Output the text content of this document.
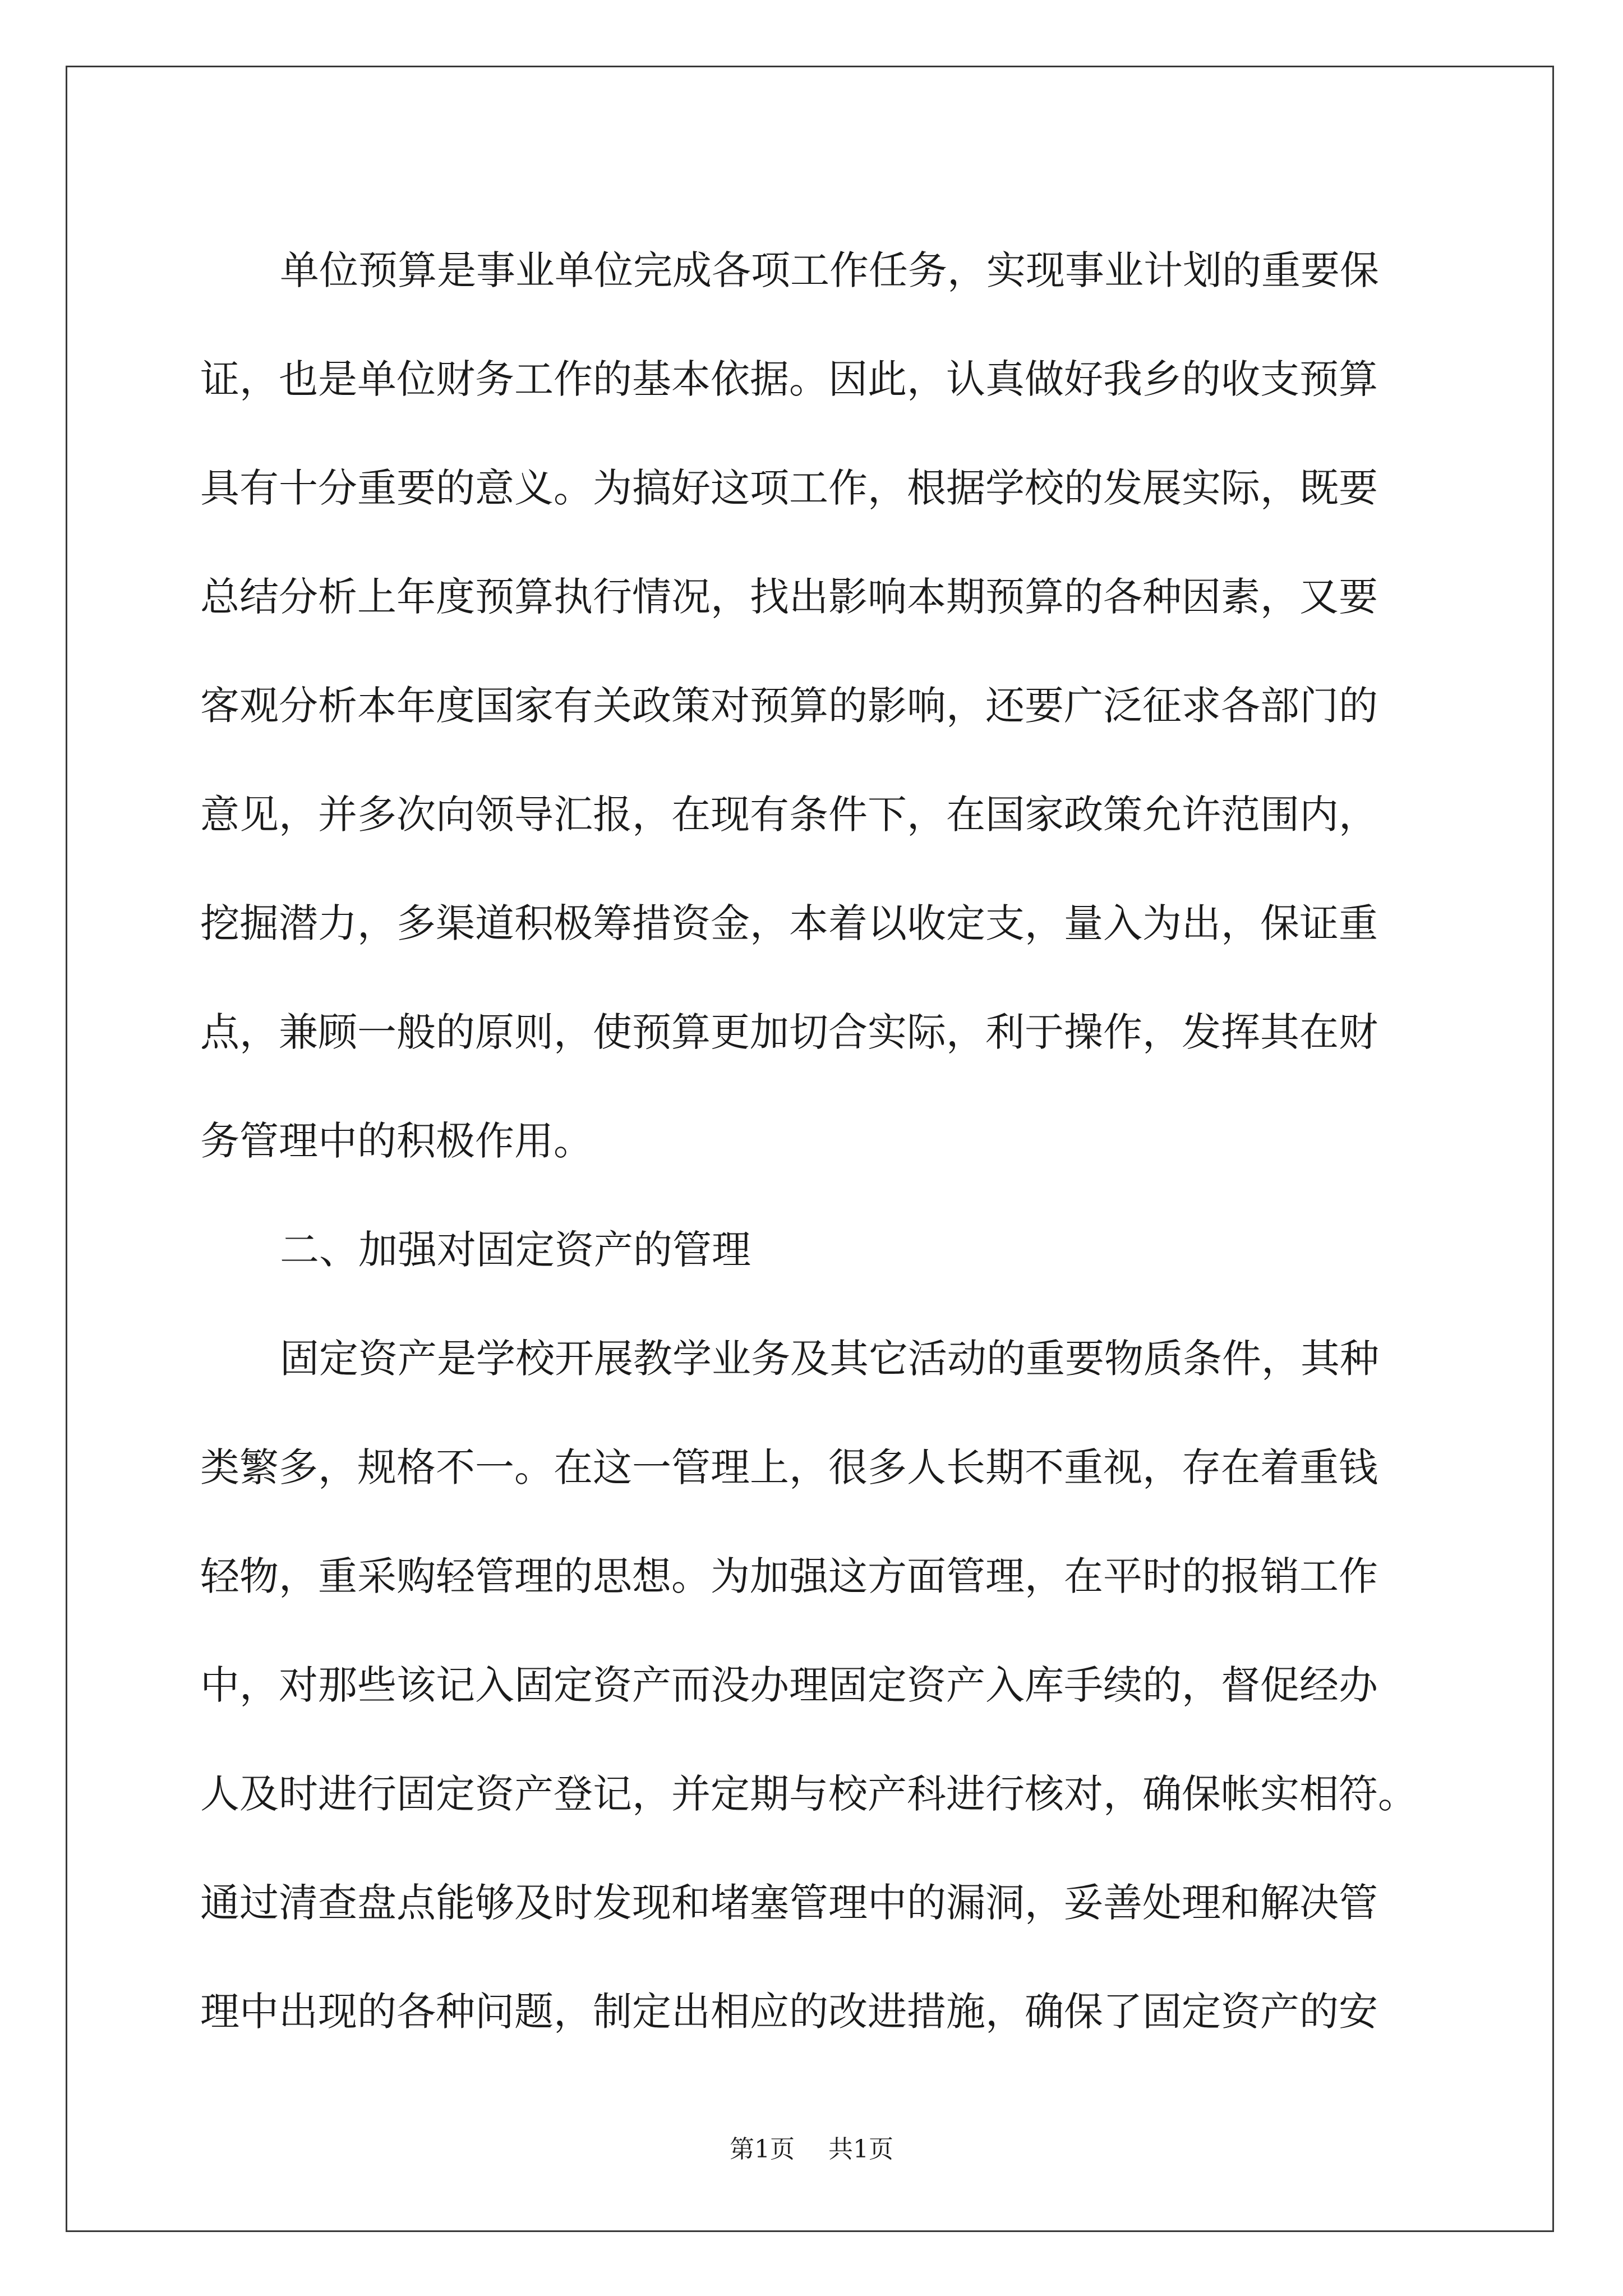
单位预算是事业单位完成各项工作任务，实现事业计划的重要保

证，也是单位财务工作的基本依据。因此，认真做好我乡的收支预算

具有十分重要的意义。为搞好这项工作，根据学校的发展实际，既要

总结分析上年度预算执行情况，找出影响本期预算的各种因素，又要

客观分析本年度国家有关政策对预算的影响，还要广泛征求各部门的

意见，并多次向领导汇报，在现有条件下，在国家政策允许范围内，

挖掘潜力，多渠道积极筹措资金，本着以收定支，量入为出，保证重

点，兼顾一般的原则，使预算更加切合实际，利于操作，发挥其在财

务管理中的积极作用。

二、加强对固定资产的管理

固定资产是学校开展教学业务及其它活动的重要物质条件，其种

类繁多，规格不一。在这一管理上，很多人长期不重视，存在着重钱

轻物，重采购轻管理的思想。为加强这方面管理，在平时的报销工作

中，对那些该记入固定资产而没办理固定资产入库手续的，督促经办

人及时进行固定资产登记，并定期与校产科进行核对，确保帐实相符。

通过清查盘点能够及时发现和堵塞管理中的漏洞，妥善处理和解决管

理中出现的各种问题，制定出相应的改进措施，确保了固定资产的安

第1页 共1页
